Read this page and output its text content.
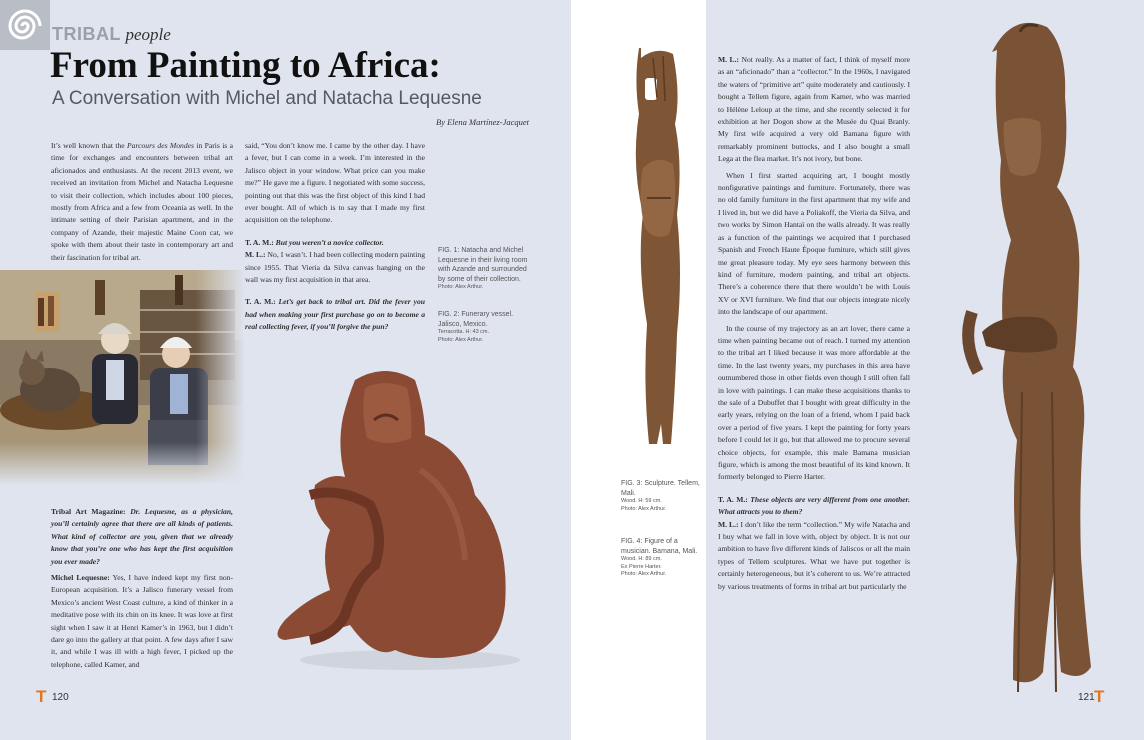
TRIBAL people
From Painting to Africa:
A Conversation with Michel and Natacha Lequesne
By Elena Martínez-Jacquet

It’s well known that the Parcours des Mondes in Paris is a time for exchanges and encounters between tribal art aficionados and enthusiasts. At the recent 2013 event, we received an invitation from Michel and Natacha Lequesne to visit their collection, which includes about 100 pieces, mostly from Africa and a few from Oceania as well. In the intimate setting of their Parisian apartment, and in the company of Azande, their majestic Maine Coon cat, we spoke with them about their taste in contemporary art and their fascination for tribal art.

Tribal Art Magazine: Dr. Lequesne, as a physician, you’ll certainly agree that there are all kinds of patients. What kind of collector are you, given that we already know that you’re one who has kept the first acquisition you ever made?

Michel Lequesne: Yes, I have indeed kept my first non-European acquisition. It’s a Jalisco funerary vessel from Mexico’s ancient West Coast culture, a kind of thinker in a meditative pose with its chin on its knee. It was love at first sight when I saw it at Henri Kamer’s in 1963, but I didn’t dare go into the gallery at that point. A few days after I saw it, and while I was ill with a high fever, I picked up the telephone, called Kamer, and

said, “You don’t know me. I came by the other day. I have a fever, but I can come in a week. I’m interested in the Jalisco object in your window. What price can you make me?” He gave me a figure. I negotiated with some success, pointing out that this was the first object of this kind I had ever bought. All of which is to say that I made my first acquisition on the telephone.

T. A. M.: But you weren’t a novice collector.

M. L.: No, I wasn’t. I had been collecting modern painting since 1955. That Vieria da Silva canvas hanging on the wall was my first acquisition in that area.

T. A. M.: Let’s get back to tribal art. Did the fever you had when making your first purchase go on to become a real collecting fever, if you’ll forgive the pun?

FIG. 1: Natacha and Michel Lequesne in their living room with Azande and surrounded by some of their collection.
Photo: Alex Arthur.
FIG. 2: Funerary vessel. Jalisco, Mexico.
Terracotta. H: 43 cm.
Photo: Alex Arthur.
T 120

M. L.: Not really. As a matter of fact, I think of myself more as an “aficionado” than a “collector.” In the 1960s, I navigated the waters of “primitive art” quite moderately and cautiously. I bought a Tellem figure, again from Kamer, who was married to Hélène Leloup at the time, and she recently selected it for exhibition at her Dogon show at the Musée du Quai Branly. My first wife acquired a very old Bamana figure with remarkably prominent buttocks, and I also bought a small Lega at the flea market. It’s not ivory, but bone.

When I first started acquiring art, I bought mostly nonfigurative paintings and furniture. Fortunately, there was no old family furniture in the first apartment that my wife and I lived in, but we did have a Poliakoff, the Vieria da Silva, and two works by Simon Hantaï on the walls already. It was really as a function of the paintings we acquired that I purchased Spanish and French Haute Époque furniture, which still gives me great pleasure today. My eye sees harmony between this kind of furniture, modern painting, and tribal art objects. There’s a coherence there that there wouldn’t be with Louis XV or XVI furniture. We find that our objects integrate nicely into the landscape of our apartment.

In the course of my trajectory as an art lover, there came a time when painting became out of reach. I turned my attention to the tribal art I liked because it was more affordable at the time. In the last twenty years, my purchases in this area have outnumbered those in other fields even though I still often fall in love with paintings. I can make these acquisitions thanks to the sale of a Dubuffet that I bought with great difficulty in the early years, relying on the loan of a friend, whom I paid back over a period of five years. I kept the painting for forty years before I could let it go, but that allowed me to procure several choice objects, for example, this male Bamana musician figure, which is among the most beautiful of its kind known. It formerly belonged to Pierre Harter.

T. A. M.: These objects are very different from one another. What attracts you to them?

M. L.: I don’t like the term “collection.” My wife Natacha and I buy what we fall in love with, object by object. It is not our ambition to have five different kinds of Jaliscos or all the main types of Tellem sculptures. What we have put together is certainly heterogeneous, but it’s coherent to us. We’re attracted by various treatments of forms in tribal art but particularly the

121 T
FIG. 3: Sculpture. Tellem, Mali.
Wood. H: 59 cm.
Photo: Alex Arthur.
FIG. 4: Figure of a musician. Bamana, Mali.
Wood. H: 89 cm.
Ex Pierre Harter.
Photo: Alex Arthur.
